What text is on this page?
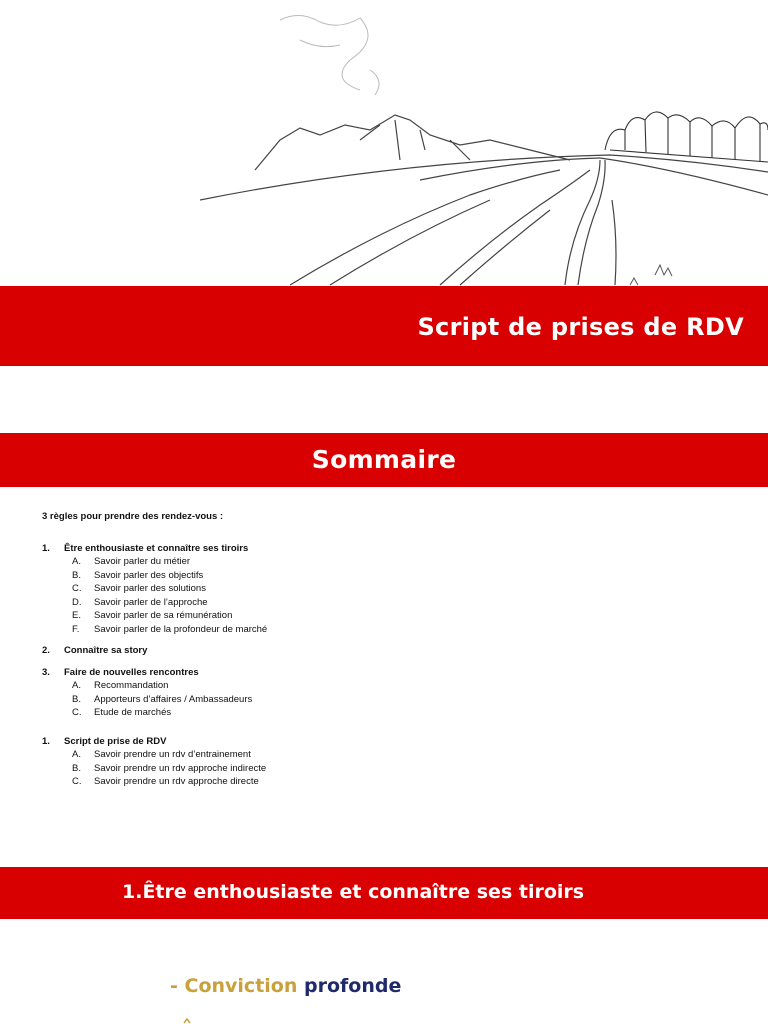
Script de prises de RDV
Sommaire
3 règles pour prendre des rendez-vous :
1.	Être enthousiaste et connaître ses tiroirs
A.	Savoir parler du métier
B.	Savoir parler des objectifs
C.	Savoir parler des solutions
D.	Savoir parler de l’approche
E.	Savoir parler de sa rémunération
F.	Savoir parler de la profondeur de marché
2.	Connaître sa story
3.	Faire de nouvelles rencontres
A.	Recommandation
B.	Apporteurs d’affaires / Ambassadeurs
C.	Etude de marchés
1.	Script de prise de RDV
A.	Savoir prendre un rdv d’entrainement
B.	Savoir prendre un rdv approche indirecte
C.	Savoir prendre un rdv approche directe
1.Être enthousiaste et connaître ses tiroirs
- Conviction profonde
